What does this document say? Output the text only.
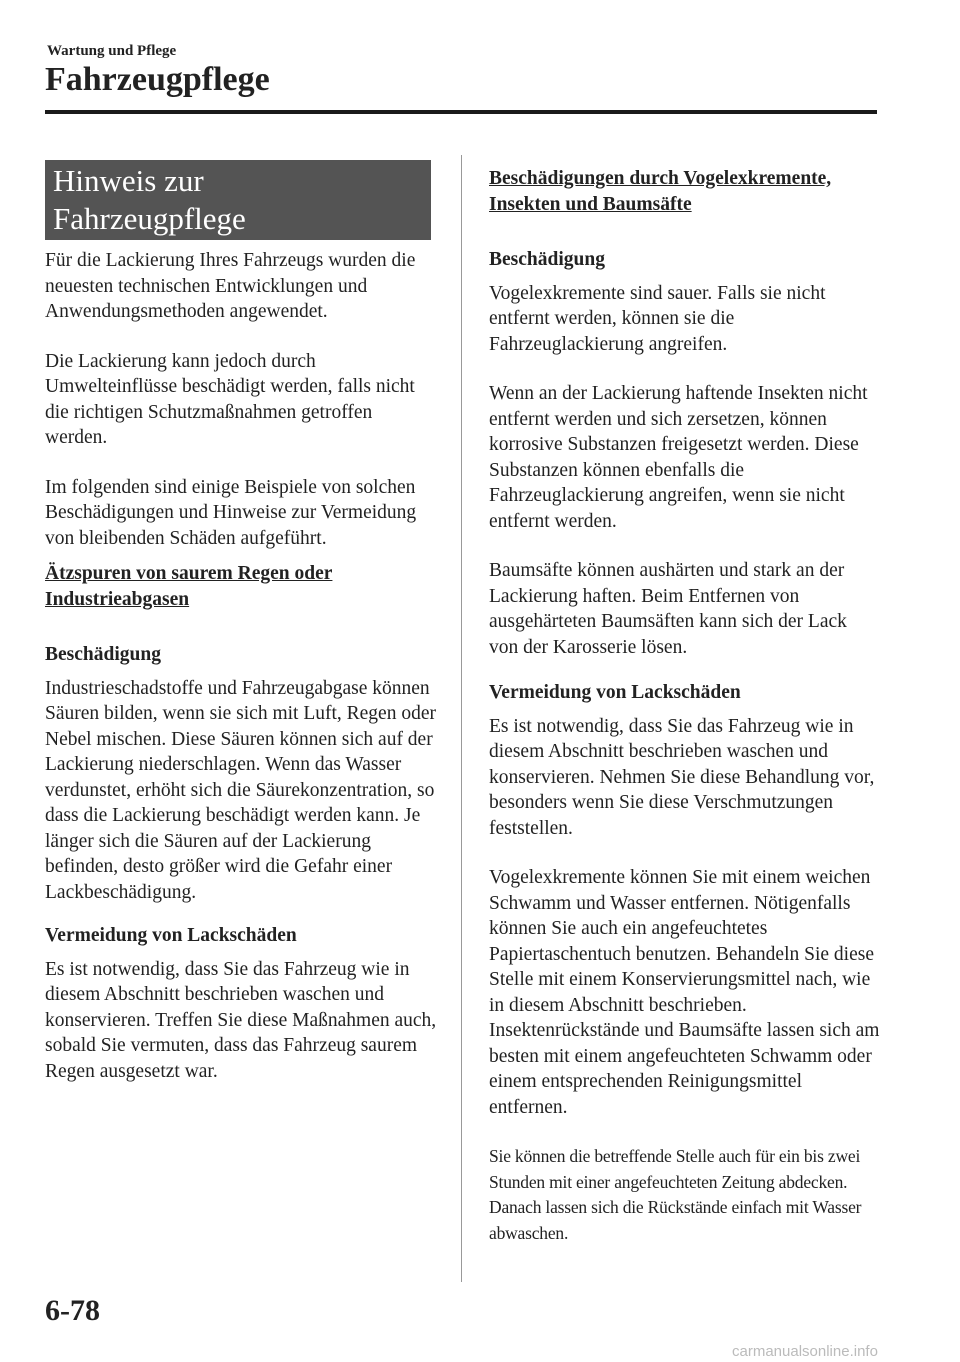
Wartung und Pflege
Fahrzeugpflege
Hinweis zur
Fahrzeugpflege

Für die Lackierung Ihres Fahrzeugs wurden die neuesten technischen Entwicklungen und Anwendungsmethoden angewendet.

Die Lackierung kann jedoch durch Umwelteinflüsse beschädigt werden, falls nicht die richtigen Schutzmaßnahmen getroffen werden.

Im folgenden sind einige Beispiele von solchen Beschädigungen und Hinweise zur Vermeidung von bleibenden Schäden aufgeführt.

Ätzspuren von saurem Regen oder Industrieabgasen
Beschädigung

Industrieschadstoffe und Fahrzeugabgase können Säuren bilden, wenn sie sich mit Luft, Regen oder Nebel mischen. Diese Säuren können sich auf der Lackierung niederschlagen. Wenn das Wasser verdunstet, erhöht sich die Säurekonzentration, so dass die Lackierung beschädigt werden kann. Je länger sich die Säuren auf der Lackierung befinden, desto größer wird die Gefahr einer Lackbeschädigung.

Vermeidung von Lackschäden

Es ist notwendig, dass Sie das Fahrzeug wie in diesem Abschnitt beschrieben waschen und konservieren. Treffen Sie diese Maßnahmen auch, sobald Sie vermuten, dass das Fahrzeug saurem Regen ausgesetzt war.

Beschädigungen durch Vogelexkremente, Insekten und Baumsäfte
Beschädigung

Vogelexkremente sind sauer. Falls sie nicht entfernt werden, können sie die Fahrzeuglackierung angreifen.

Wenn an der Lackierung haftende Insekten nicht entfernt werden und sich zersetzen, können korrosive Substanzen freigesetzt werden. Diese Substanzen können ebenfalls die Fahrzeuglackierung angreifen, wenn sie nicht entfernt werden.

Baumsäfte können aushärten und stark an der Lackierung haften. Beim Entfernen von ausgehärteten Baumsäften kann sich der Lack von der Karosserie lösen.

Vermeidung von Lackschäden

Es ist notwendig, dass Sie das Fahrzeug wie in diesem Abschnitt beschrieben waschen und konservieren. Nehmen Sie diese Behandlung vor, besonders wenn Sie diese Verschmutzungen feststellen.

Vogelexkremente können Sie mit einem weichen Schwamm und Wasser entfernen. Nötigenfalls können Sie auch ein angefeuchtetes Papiertaschentuch benutzen. Behandeln Sie diese Stelle mit einem Konservierungsmittel nach, wie in diesem Abschnitt beschrieben. Insektenrückstände und Baumsäfte lassen sich am besten mit einem angefeuchteten Schwamm oder einem entsprechenden Reinigungsmittel entfernen.

Sie können die betreffende Stelle auch für ein bis zwei Stunden mit einer angefeuchteten Zeitung abdecken. Danach lassen sich die Rückstände einfach mit Wasser abwaschen.

6-78
carmanualsonline.info
